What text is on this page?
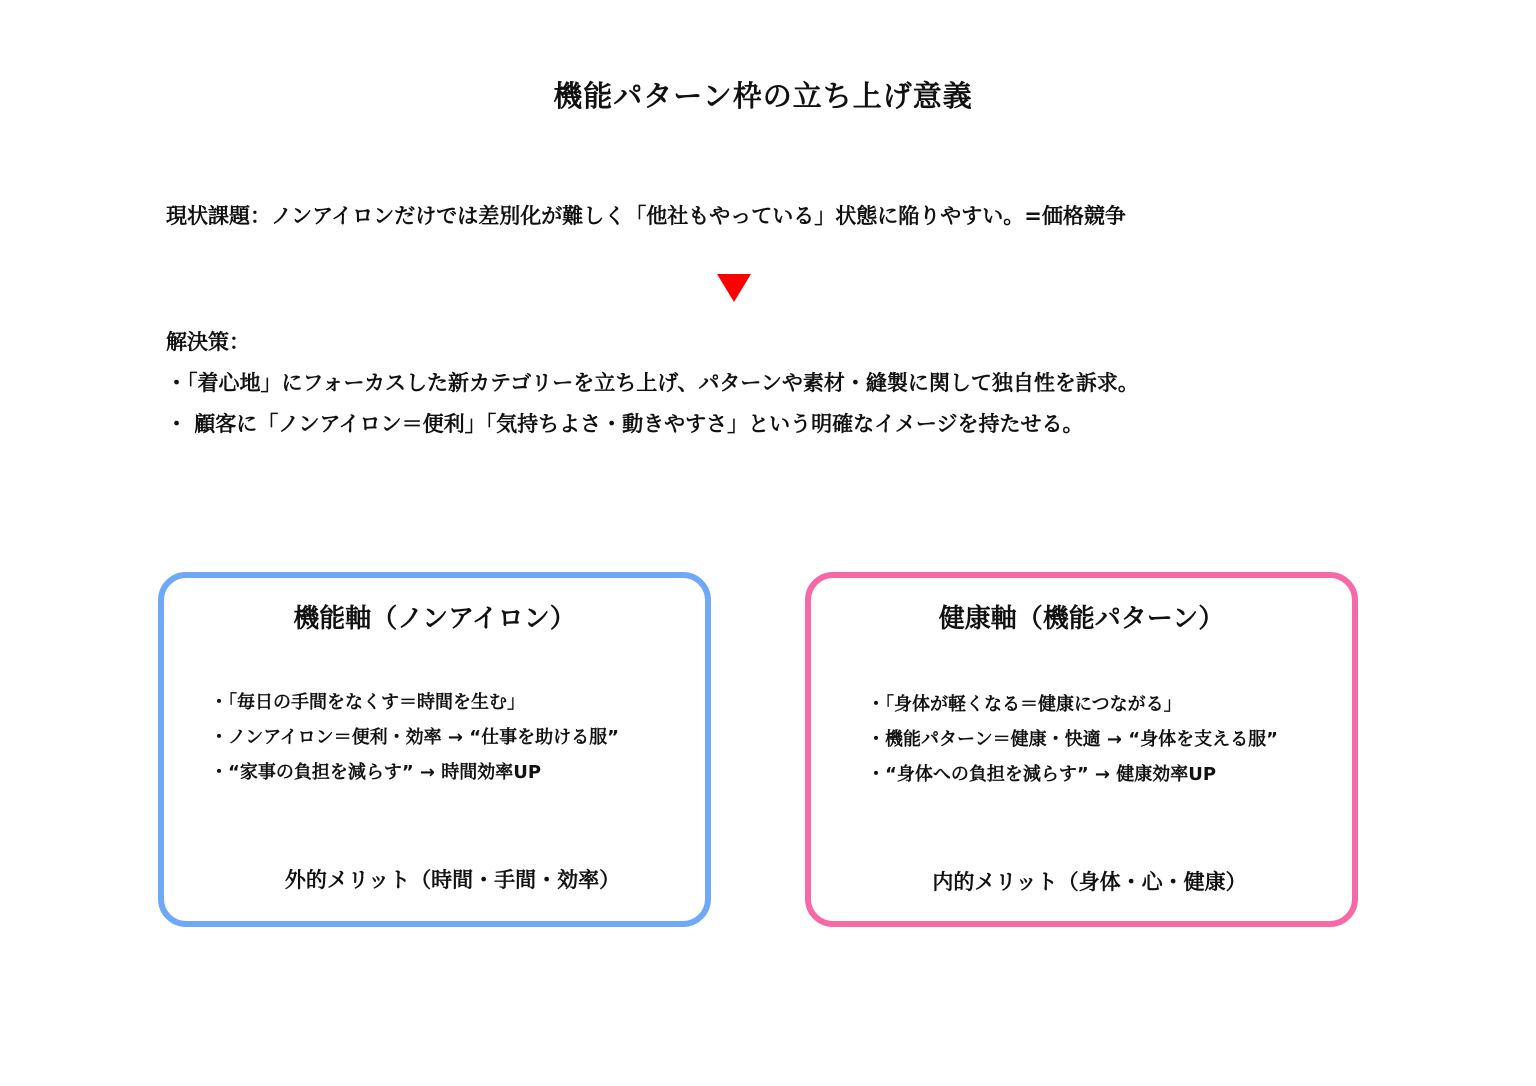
機能パターン枠の立ち上げ意義
現状課題：ノンアイロンだけでは差別化が難しく「他社もやっている」状態に陥りやすい。=価格競争
解決策：
・「着心地」にフォーカスした新カテゴリーを立ち上げ、パターンや素材・縫製に関して独自性を訴求。
・ 顧客に「ノンアイロン＝便利」「気持ちよさ・動きやすさ」という明確なイメージを持たせる。
機能軸（ノンアイロン）
・「毎日の手間をなくす＝時間を生む」
・ノンアイロン＝便利・効率 → “仕事を助ける服”
・“家事の負担を減らす” → 時間効率UP
外的メリット（時間・手間・効率）
健康軸（機能パターン）
・「身体が軽くなる＝健康につながる」
・機能パターン＝健康・快適 → “身体を支える服”
・“身体への負担を減らす” → 健康効率UP
内的メリット（身体・心・健康）
